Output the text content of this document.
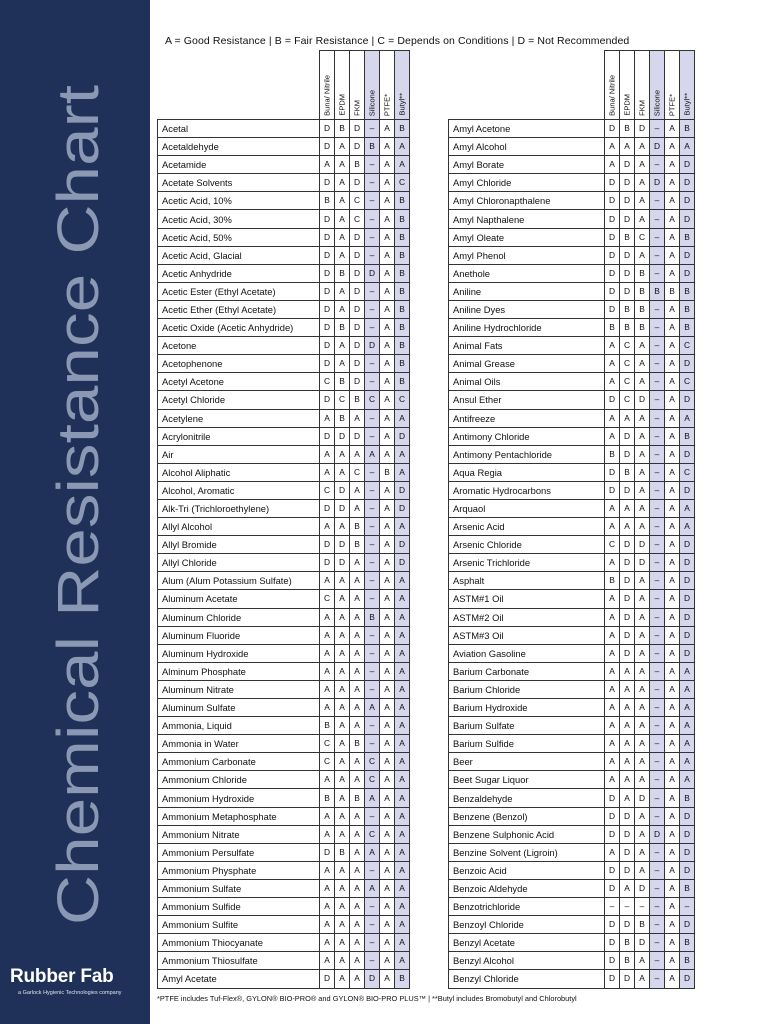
Chemical Resistance Chart
Rubber Fab
a Garlock Hygienic Technologies company
A = Good Resistance | B = Fair Resistance | C = Depends on Conditions | D = Not Recommended

	Buna/ Nitrile	EPDM	FKM	Silicone	PTFE*	Butyl**

Acetal	D	B	D	–	A	B
Acetaldehyde	D	A	D	B	A	A
Acetamide	A	A	B	–	A	A
Acetate Solvents	D	A	D	–	A	C
Acetic Acid, 10%	B	A	C	–	A	B
Acetic Acid, 30%	D	A	C	–	A	B
Acetic Acid, 50%	D	A	D	–	A	B
Acetic Acid, Glacial	D	A	D	–	A	B
Acetic Anhydride	D	B	D	D	A	B
Acetic Ester (Ethyl Acetate)	D	A	D	–	A	B
Acetic Ether (Ethyl Acetate)	D	A	D	–	A	B
Acetic Oxide (Acetic Anhydride)	D	B	D	–	A	B
Acetone	D	A	D	D	A	B
Acetophenone	D	A	D	–	A	B
Acetyl Acetone	C	B	D	–	A	B
Acetyl Chloride	D	C	B	C	A	C
Acetylene	A	B	A	–	A	A
Acrylonitrile	D	D	D	–	A	D
Air	A	A	A	A	A	A
Alcohol Aliphatic	A	A	C	–	B	A
Alcohol, Aromatic	C	D	A	–	A	D
Alk-Tri (Trichloroethylene)	D	D	A	–	A	D
Allyl Alcohol	A	A	B	–	A	A
Allyl Bromide	D	D	B	–	A	D
Allyl Chloride	D	D	A	–	A	D
Alum (Alum Potassium Sulfate)	A	A	A	–	A	A
Aluminum Acetate	C	A	A	–	A	A
Aluminum Chloride	A	A	A	B	A	A
Aluminum Fluoride	A	A	A	–	A	A
Aluminum Hydroxide	A	A	A	–	A	A
Alminum Phosphate	A	A	A	–	A	A
Aluminum Nitrate	A	A	A	–	A	A
Aluminum Sulfate	A	A	A	A	A	A
Ammonia, Liquid	B	A	A	–	A	A
Ammonia in Water	C	A	B	–	A	A
Ammonium Carbonate	C	A	A	C	A	A
Ammonium Chloride	A	A	A	C	A	A
Ammonium Hydroxide	B	A	B	A	A	A
Ammonium Metaphosphate	A	A	A	–	A	A
Ammonium Nitrate	A	A	A	C	A	A
Ammonium Persulfate	D	B	A	A	A	A
Ammonium Physphate	A	A	A	–	A	A
Ammonium Sulfate	A	A	A	A	A	A
Ammonium Sulfide	A	A	A	–	A	A
Ammonium Sulfite	A	A	A	–	A	A
Ammonium Thiocyanate	A	A	A	–	A	A
Ammonium Thiosulfate	A	A	A	–	A	A
Amyl Acetate	D	A	A	D	A	B

	Buna/ Nitrile	EPDM	FKM	Silicone	PTFE*	Butyl**

Amyl Acetone	D	B	D	–	A	B
Amyl Alcohol	A	A	A	D	A	A
Amyl Borate	A	D	A	–	A	D
Amyl Chloride	D	D	A	D	A	D
Amyl Chloronapthalene	D	D	A	–	A	D
Amyl Napthalene	D	D	A	–	A	D
Amyl Oleate	D	B	C	–	A	B
Amyl Phenol	D	D	A	–	A	D
Anethole	D	D	B	–	A	D
Aniline	D	D	B	B	B	B
Aniline Dyes	D	B	B	–	A	B
Aniline Hydrochloride	B	B	B	–	A	B
Animal Fats	A	C	A	–	A	C
Animal Grease	A	C	A	–	A	D
Animal Oils	A	C	A	–	A	C
Ansul Ether	D	C	D	–	A	D
Antifreeze	A	A	A	–	A	A
Antimony Chloride	A	D	A	–	A	B
Antimony Pentachloride	B	D	A	–	A	D
Aqua Regia	D	B	A	–	A	C
Aromatic Hydrocarbons	D	D	A	–	A	D
Arquaol	A	A	A	–	A	A
Arsenic Acid	A	A	A	–	A	A
Arsenic Chloride	C	D	D	–	A	D
Arsenic Trichloride	A	D	D	–	A	D
Asphalt	B	D	A	–	A	D
ASTM#1 Oil	A	D	A	–	A	D
ASTM#2 Oil	A	D	A	–	A	D
ASTM#3 Oil	A	D	A	–	A	D
Aviation Gasoline	A	D	A	–	A	D
Barium Carbonate	A	A	A	–	A	A
Barium Chloride	A	A	A	–	A	A
Barium Hydroxide	A	A	A	–	A	A
Barium Sulfate	A	A	A	–	A	A
Barium Sulfide	A	A	A	–	A	A
Beer	A	A	A	–	A	A
Beet Sugar Liquor	A	A	A	–	A	A
Benzaldehyde	D	A	D	–	A	B
Benzene (Benzol)	D	D	A	–	A	D
Benzene Sulphonic Acid	D	D	A	D	A	D
Benzine Solvent (Ligroin)	A	D	A	–	A	D
Benzoic Acid	D	D	A	–	A	D
Benzoic Aldehyde	D	A	D	–	A	B
Benzotrichloride	–	–	–	–	A	–
Benzoyl Chloride	D	D	B	–	A	D
Benzyl Acetate	D	B	D	–	A	B
Benzyl Alcohol	D	B	A	–	A	B
Benzyl Chloride	D	D	A	–	A	D
*PTFE includes Tuf-Flex®, GYLON® BIO-PRO® and GYLON® BIO-PRO PLUS™ | **Butyl includes Bromobutyl and Chlorobutyl
